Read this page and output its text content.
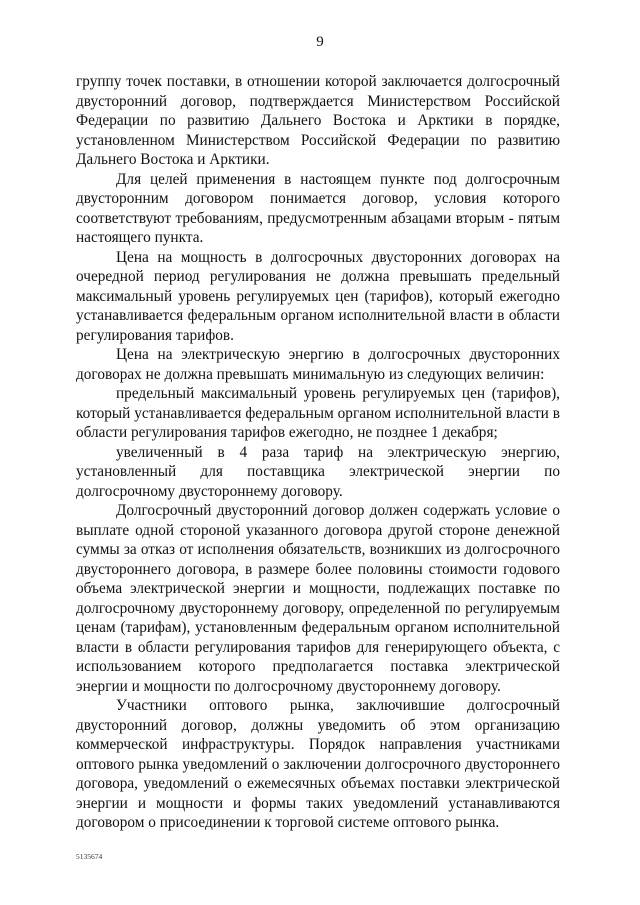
9

группу точек поставки, в отношении которой заключается долгосрочный двусторонний договор, подтверждается Министерством Российской Федерации по развитию Дальнего Востока и Арктики в порядке, установленном Министерством Российской Федерации по развитию Дальнего Востока и Арктики.

Для целей применения в настоящем пункте под долгосрочным двусторонним договором понимается договор, условия которого соответствуют требованиям, предусмотренным абзацами вторым - пятым настоящего пункта.

Цена на мощность в долгосрочных двусторонних договорах на очередной период регулирования не должна превышать предельный максимальный уровень регулируемых цен (тарифов), который ежегодно устанавливается федеральным органом исполнительной власти в области регулирования тарифов.

Цена на электрическую энергию в долгосрочных двусторонних договорах не должна превышать минимальную из следующих величин:

предельный максимальный уровень регулируемых цен (тарифов), который устанавливается федеральным органом исполнительной власти в области регулирования тарифов ежегодно, не позднее 1 декабря;

увеличенный в 4 раза тариф на электрическую энергию, установленный для поставщика электрической энергии по долгосрочному двустороннему договору.

Долгосрочный двусторонний договор должен содержать условие о выплате одной стороной указанного договора другой стороне денежной суммы за отказ от исполнения обязательств, возникших из долгосрочного двустороннего договора, в размере более половины стоимости годового объема электрической энергии и мощности, подлежащих поставке по долгосрочному двустороннему договору, определенной по регулируемым ценам (тарифам), установленным федеральным органом исполнительной власти в области регулирования тарифов для генерирующего объекта, с использованием которого предполагается поставка электрической энергии и мощности по долгосрочному двустороннему договору.

Участники оптового рынка, заключившие долгосрочный двусторонний договор, должны уведомить об этом организацию коммерческой инфраструктуры. Порядок направления участниками оптового рынка уведомлений о заключении долгосрочного двустороннего договора, уведомлений о ежемесячных объемах поставки электрической энергии и мощности и формы таких уведомлений устанавливаются договором о присоединении к торговой системе оптового рынка.

5135674
